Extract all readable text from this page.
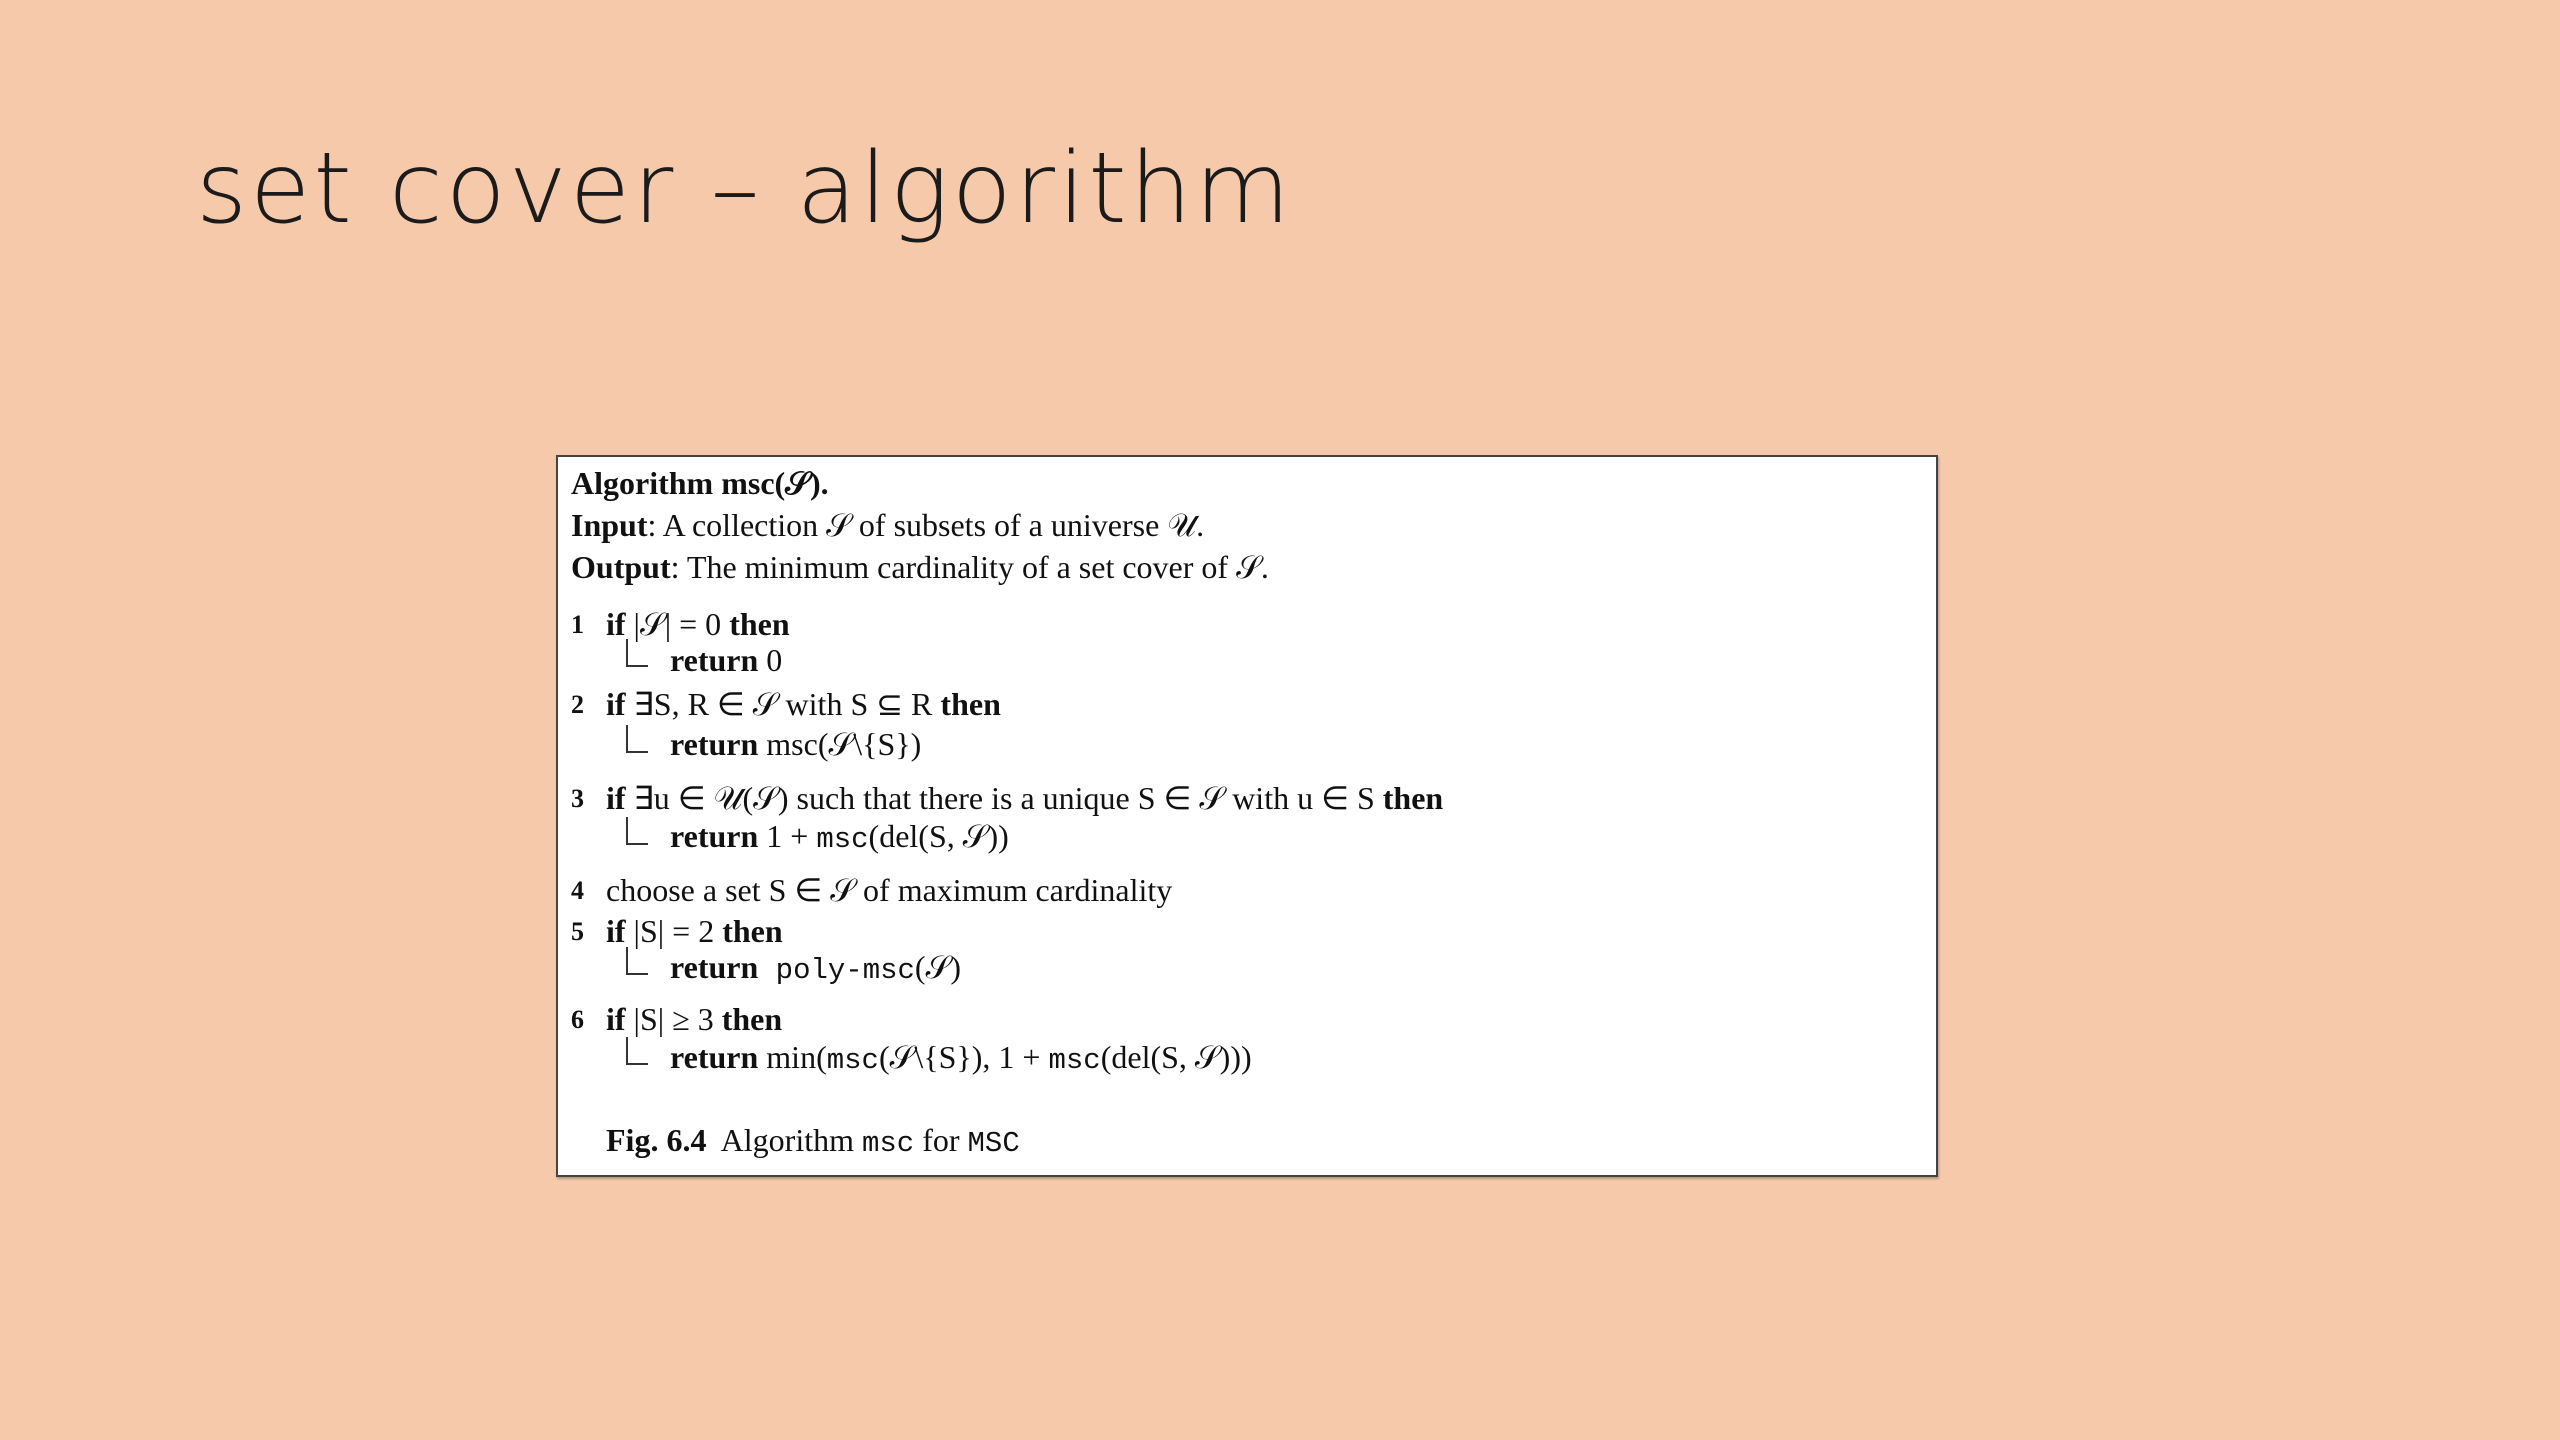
set cover – algorithm
Algorithm msc(𝒮).
Input: A collection 𝒮 of subsets of a universe 𝒰.
Output: The minimum cardinality of a set cover of 𝒮.
1 if |𝒮| = 0 then
return 0
2 if ∃S, R ∈ 𝒮 with S ⊆ R then
return msc(𝒮\{S})
3 if ∃u ∈ 𝒰(𝒮) such that there is a unique S ∈ 𝒮 with u ∈ S then
return 1 + msc(del(S, 𝒮))
4 choose a set S ∈ 𝒮 of maximum cardinality
5 if |S| = 2 then
return poly-msc(𝒮)
6 if |S| ≥ 3 then
return min(msc(𝒮\{S}), 1 + msc(del(S, 𝒮)))
Fig. 6.4  Algorithm msc for MSC
